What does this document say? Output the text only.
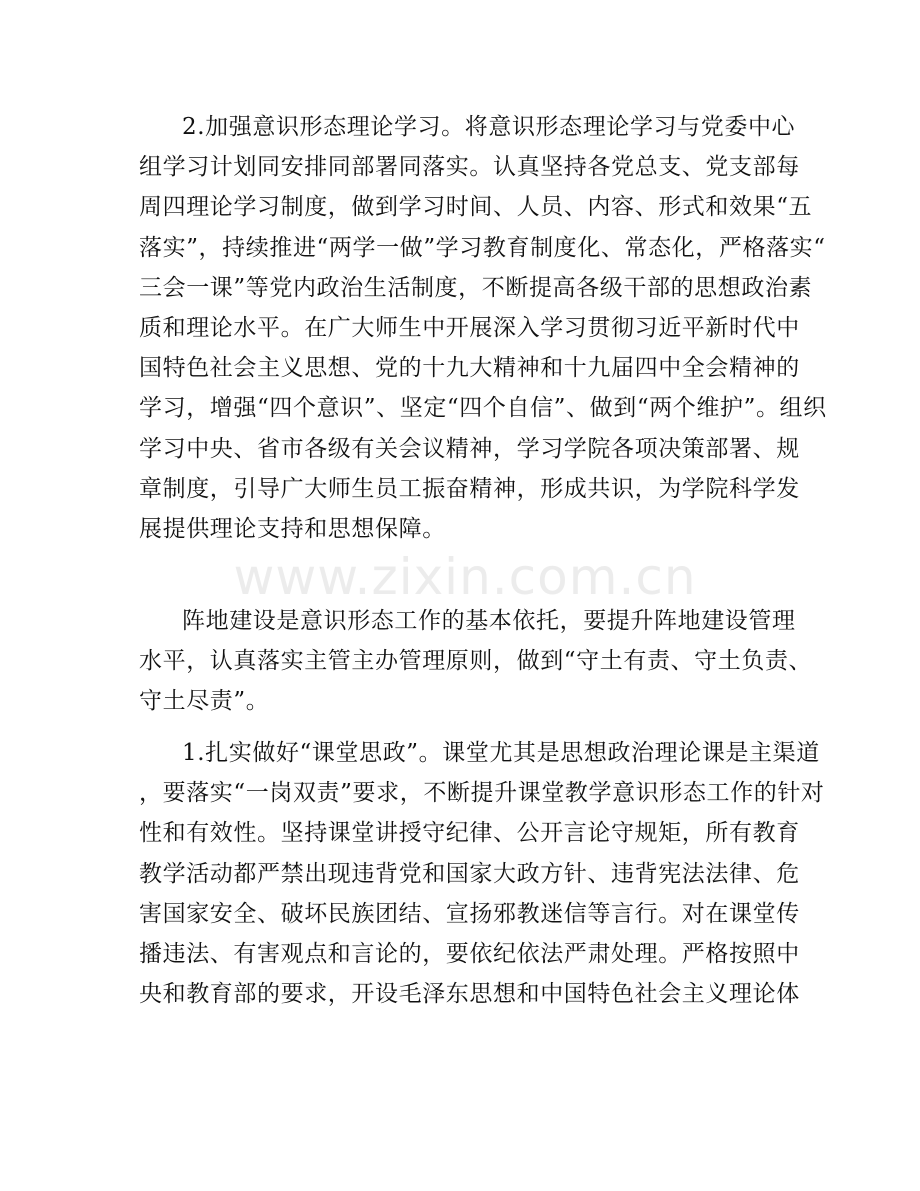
2.加强意识形态理论学习。将意识形态理论学习与党委中心
组学习计划同安排同部署同落实。认真坚持各党总支、党支部每
周四理论学习制度，做到学习时间、人员、内容、形式和效果“五
落实”，持续推进“两学一做”学习教育制度化、常态化，严格落实“
三会一课”等党内政治生活制度，不断提高各级干部的思想政治素
质和理论水平。在广大师生中开展深入学习贯彻习近平新时代中
国特色社会主义思想、党的十九大精神和十九届四中全会精神的
学习，增强“四个意识”、坚定“四个自信”、做到“两个维护”。组织
学习中央、省市各级有关会议精神，学习学院各项决策部署、规
章制度，引导广大师生员工振奋精神，形成共识，为学院科学发
展提供理论支持和思想保障。

阵地建设是意识形态工作的基本依托，要提升阵地建设管理
水平，认真落实主管主办管理原则，做到“守土有责、守土负责、
守土尽责”。

1.扎实做好“课堂思政”。课堂尤其是思想政治理论课是主渠道
，要落实“一岗双责”要求，不断提升课堂教学意识形态工作的针对
性和有效性。坚持课堂讲授守纪律、公开言论守规矩，所有教育
教学活动都严禁出现违背党和国家大政方针、违背宪法法律、危
害国家安全、破坏民族团结、宣扬邪教迷信等言行。对在课堂传
播违法、有害观点和言论的，要依纪依法严肃处理。严格按照中
央和教育部的要求，开设毛泽东思想和中国特色社会主义理论体

www.zixin.com.cn
